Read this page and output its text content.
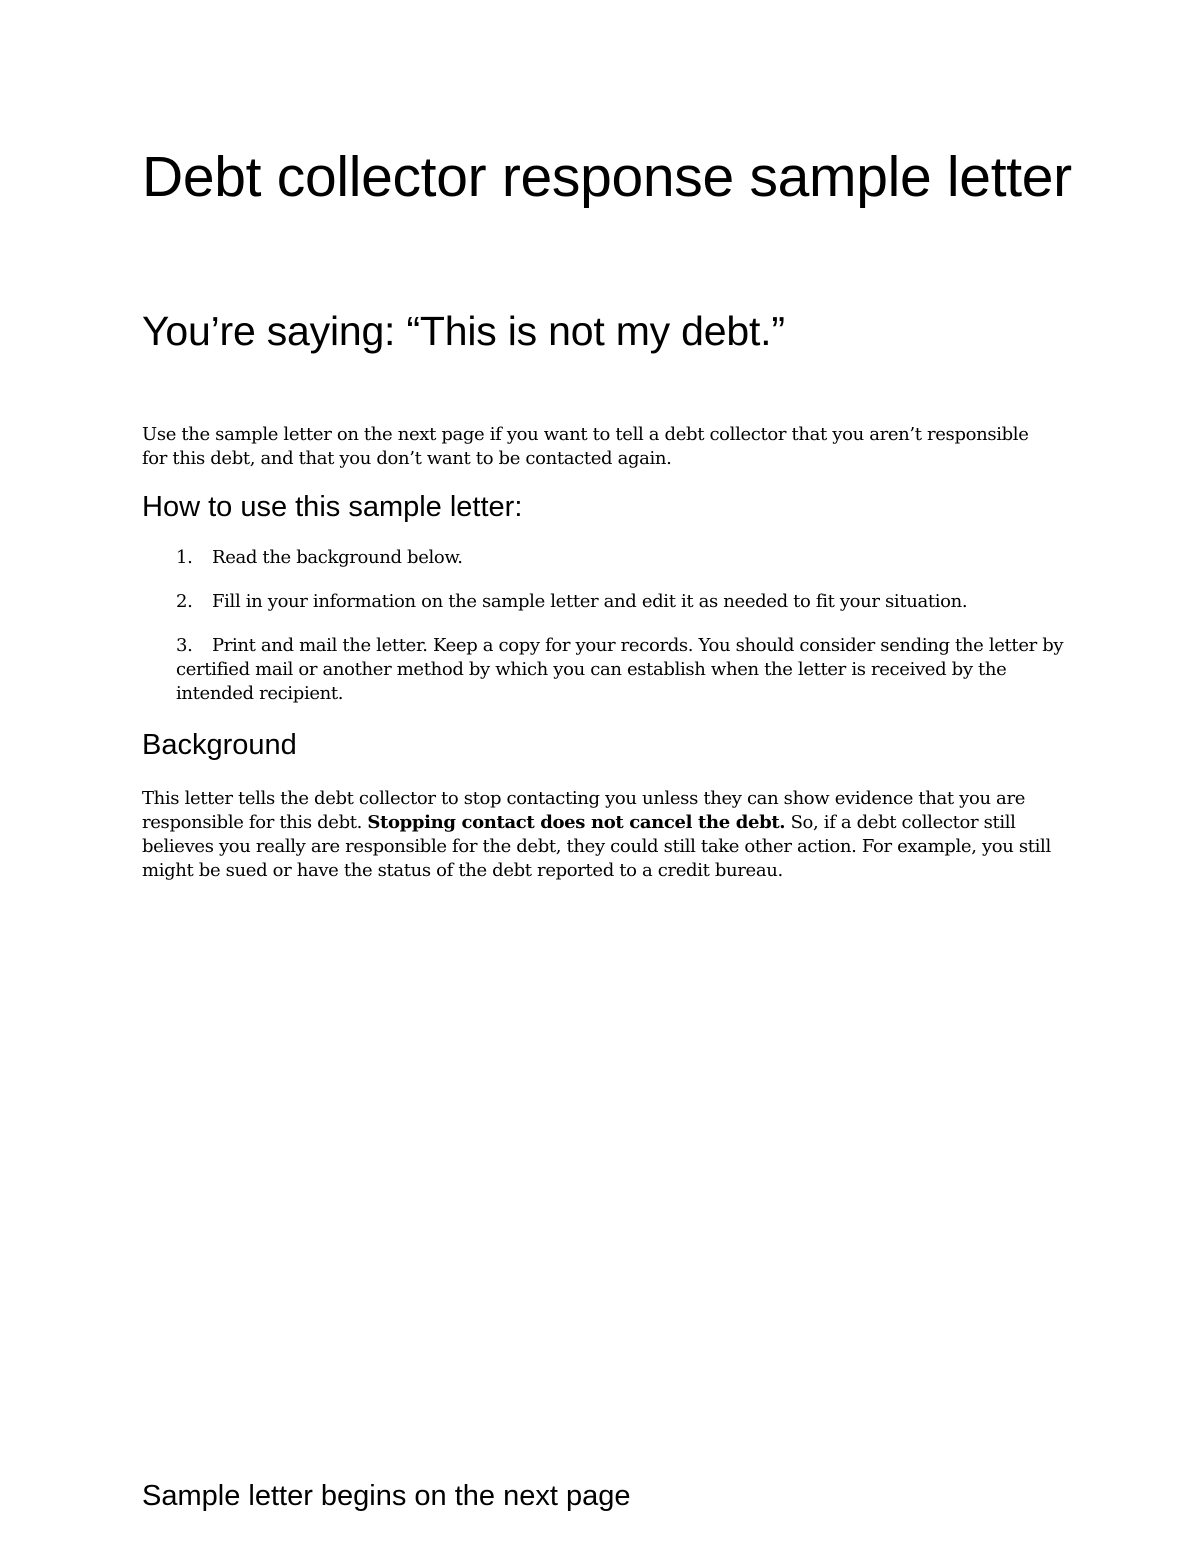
Debt collector response sample letter
You’re saying: “This is not my debt.”

Use the sample letter on the next page if you want to tell a debt collector that you aren’t responsible for this debt, and that you don’t want to be contacted again.

How to use this sample letter:
1. Read the background below.
2. Fill in your information on the sample letter and edit it as needed to fit your situation.
3. Print and mail the letter. Keep a copy for your records. You should consider sending the letter by certified mail or another method by which you can establish when the letter is received by the intended recipient.
Background

This letter tells the debt collector to stop contacting you unless they can show evidence that you are responsible for this debt. Stopping contact does not cancel the debt. So, if a debt collector still believes you really are responsible for the debt, they could still take other action. For example, you still might be sued or have the status of the debt reported to a credit bureau.

Sample letter begins on the next page
